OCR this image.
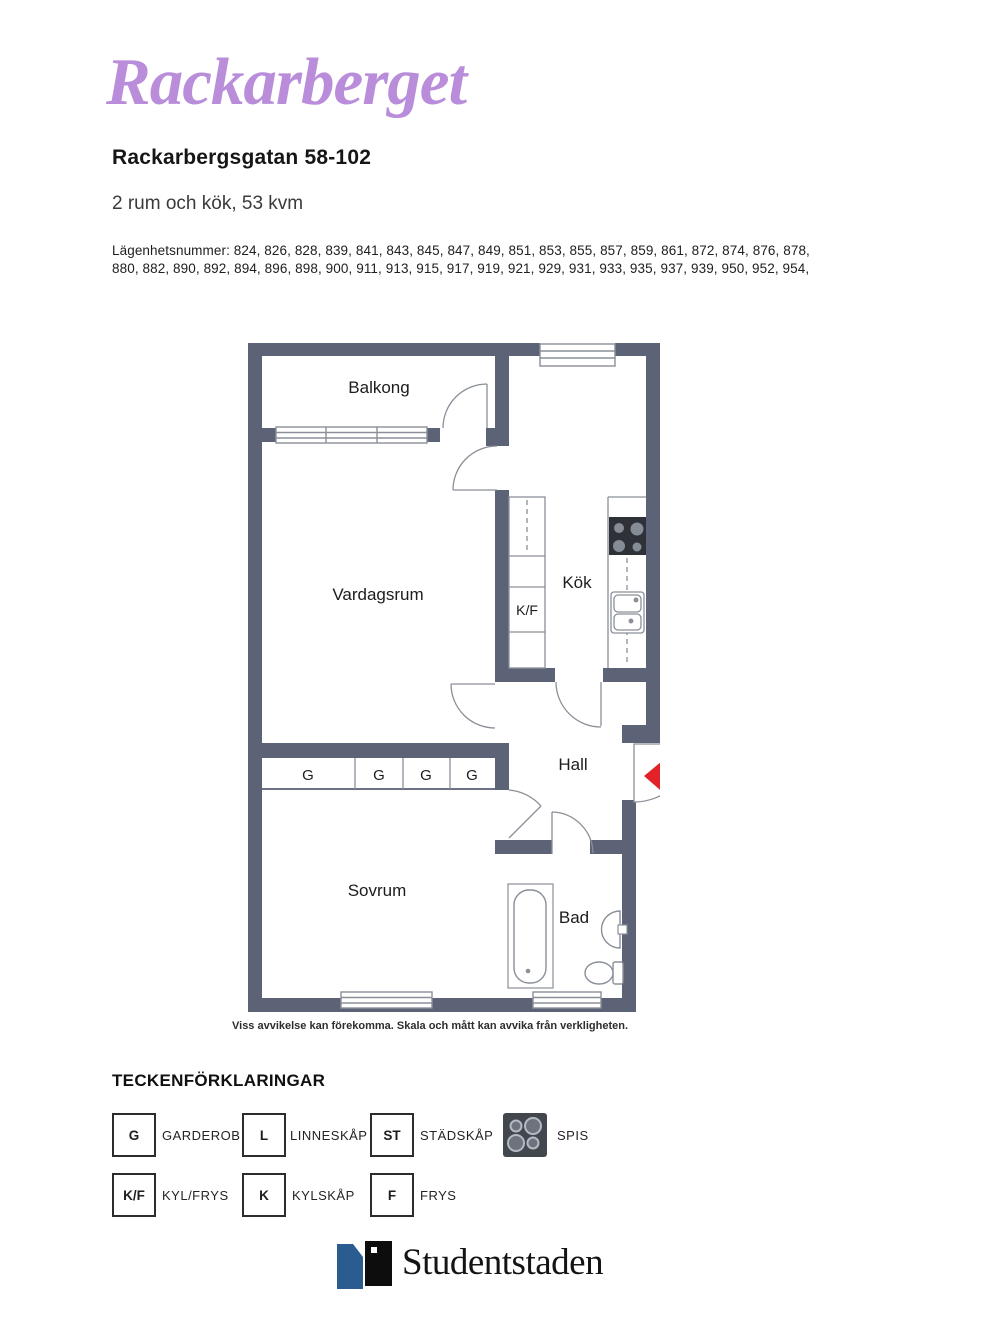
Rackarberget
Rackarbergsgatan 58-102
2 rum och kök, 53 kvm
Lägenhetsnummer: 824, 826, 828, 839, 841, 843, 845, 847, 849, 851, 853, 855, 857, 859, 861, 872, 874, 876, 878, 880, 882, 890, 892, 894, 896, 898, 900, 911, 913, 915, 917, 919, 921, 929, 931, 933, 935, 937, 939, 950, 952, 954,
Balkong
Vardagsrum
Kök
K/F
Hall
Sovrum
Bad
G	G G G
Viss avvikelse kan förekomma. Skala och mått kan avvika från verkligheten.
TECKENFÖRKLARINGAR
G	GARDEROB	L	LINNESKÅP	ST	STÄDSKÅP	SPIS
K/F	KYL/FRYS	K	KYLSKÅP	F	FRYS
Studentstaden
